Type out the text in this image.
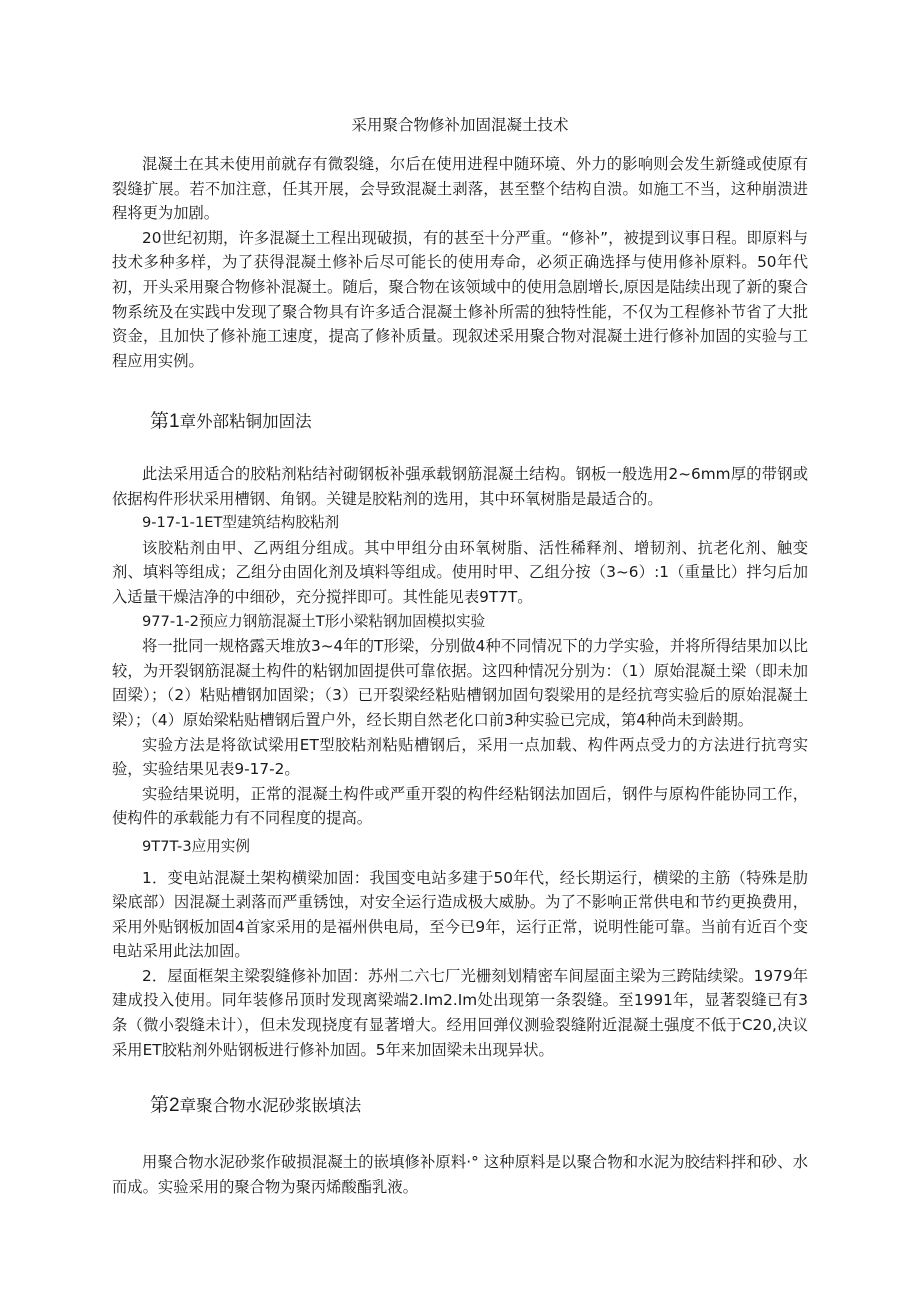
采用聚合物修补加固混凝土技术

混凝土在其未使用前就存有微裂缝，尔后在使用进程中随环境、外力的影响则会发生新缝或使原有裂缝扩展。若不加注意，任其开展，会导致混凝土剥落，甚至整个结构自溃。如施工不当，这种崩溃进程将更为加剧。

20世纪初期，许多混凝土工程出现破损，有的甚至十分严重。“修补”，被提到议事日程。即原料与技术多种多样，为了获得混凝土修补后尽可能长的使用寿命，必须正确选择与使用修补原料。50年代初，开头采用聚合物修补混凝土。随后，聚合物在该领域中的使用急剧增长,原因是陆续出现了新的聚合物系统及在实践中发现了聚合物具有许多适合混凝土修补所需的独特性能，不仅为工程修补节省了大批资金，且加快了修补施工速度，提高了修补质量。现叙述采用聚合物对混凝土进行修补加固的实验与工程应用实例。

第1章外部粘铜加固法

此法采用适合的胶粘剂粘结衬砌钢板补强承载钢筋混凝土结构。钢板一般选用2~6mm厚的带钢或依据构件形状采用槽钢、角钢。关键是胶粘剂的选用，其中环氧树脂是最适合的。

9-17-1-1ET型建筑结构胶粘剂

该胶粘剂由甲、乙两组分组成。其中甲组分由环氧树脂、活性稀释剂、增韧剂、抗老化剂、触变剂、填料等组成；乙组分由固化剂及填料等组成。使用时甲、乙组分按（3~6）:1（重量比）拌匀后加入适量干燥洁净的中细砂，充分搅拌即可。其性能见表9T7T。

977-1-2预应力钢筋混凝土T形小梁粘钢加固模拟实验

将一批同一规格露天堆放3~4年的T形梁，分别做4种不同情况下的力学实验，并将所得结果加以比较，为开裂钢筋混凝土构件的粘钢加固提供可靠依据。这四种情况分别为：（1）原始混凝土梁（即未加固梁）；（2）粘贴槽钢加固梁；（3）已开裂梁经粘贴槽钢加固句裂梁用的是经抗弯实验后的原始混凝土梁）；（4）原始梁粘贴槽钢后置户外，经长期自然老化口前3种实验已完成，第4种尚未到龄期。

实验方法是将欲试梁用ET型胶粘剂粘贴槽钢后，采用一点加载、构件两点受力的方法进行抗弯实验，实验结果见表9-17-2。

实验结果说明，正常的混凝土构件或严重开裂的构件经粘钢法加固后，钢件与原构件能协同工作，使构件的承载能力有不同程度的提高。

9T7T-3应用实例

1．变电站混凝土架构横梁加固：我国变电站多建于50年代，经长期运行，横梁的主筋（特殊是肋梁底部）因混凝土剥落而严重锈蚀，对安全运行造成极大威胁。为了不影响正常供电和节约更换费用，采用外贴钢板加固4首家采用的是福州供电局，至今已9年，运行正常，说明性能可靠。当前有近百个变电站采用此法加固。

2．屋面框架主梁裂缝修补加固：苏州二六七厂光栅刻划精密车间屋面主梁为三跨陆续梁。1979年建成投入使用。同年装修吊顶时发现离梁端2.Im2.Im处出现第一条裂缝。至1991年，显著裂缝已有3条（微小裂缝未计），但未发现挠度有显著增大。经用回弹仪测验裂缝附近混凝土强度不低于C20,决议采用ET胶粘剂外贴钢板进行修补加固。5年来加固梁未出现异状。

第2章聚合物水泥砂浆嵌填法

用聚合物水泥砂浆作破损混凝土的嵌填修补原料·° 这种原料是以聚合物和水泥为胶结料拌和砂、水而成。实验采用的聚合物为聚丙烯酸酯乳液。
